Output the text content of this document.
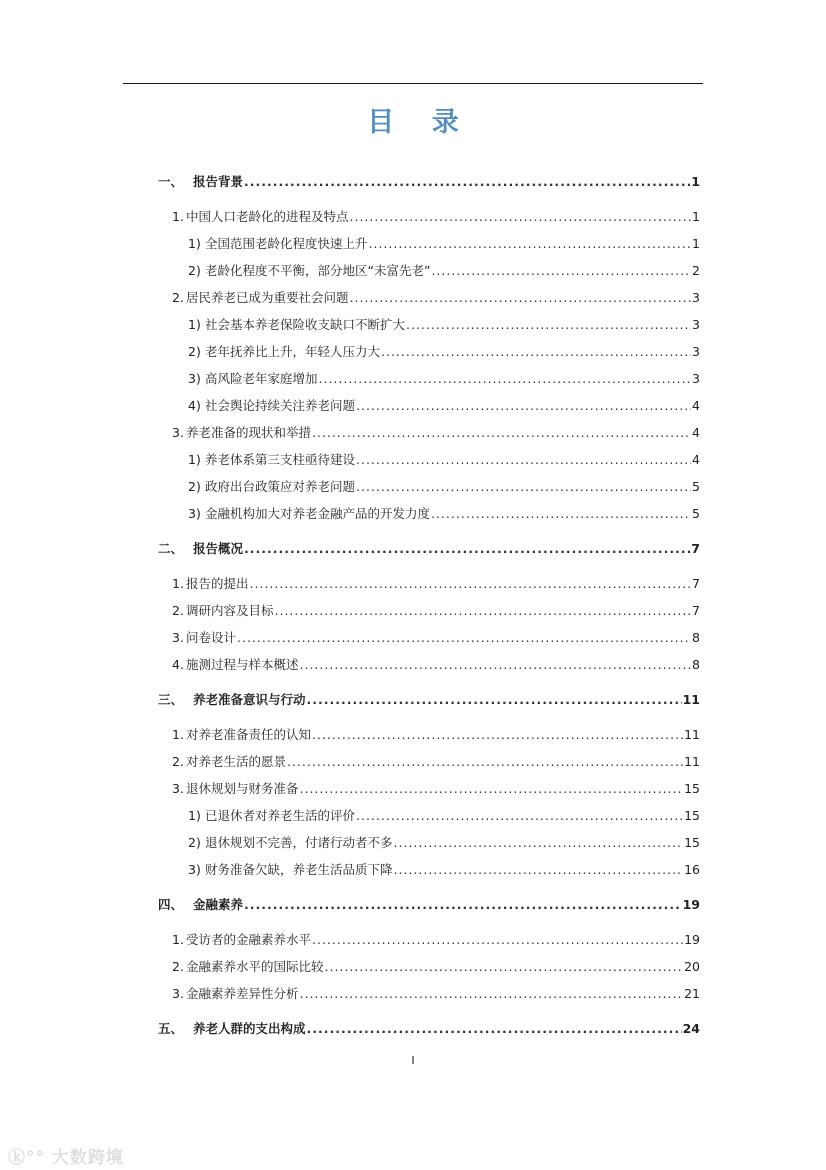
目 录
一、 报告背景 .....	1
1. 中国人口老龄化的进程及特点 .....	1
1) 全国范围老龄化程度快速上升 .....	1
2) 老龄化程度不平衡，部分地区“未富先老” .....	2
2. 居民养老已成为重要社会问题 .....	3
1) 社会基本养老保险收支缺口不断扩大 .....	3
2) 老年抚养比上升，年轻人压力大 .....	3
3) 高风险老年家庭增加 .....	3
4) 社会舆论持续关注养老问题 .....	4
3. 养老准备的现状和举措 .....	4
1) 养老体系第三支柱亟待建设 .....	4
2) 政府出台政策应对养老问题 .....	5
3) 金融机构加大对养老金融产品的开发力度 .....	5
二、 报告概况 .....	7
1. 报告的提出 .....	7
2. 调研内容及目标 .....	7
3. 问卷设计 .....	8
4. 施测过程与样本概述 .....	8
三、 养老准备意识与行动 .....	11
1. 对养老准备责任的认知 .....	11
2. 对养老生活的愿景 .....	11
3. 退休规划与财务准备 .....	15
1) 已退休者对养老生活的评价 .....	15
2) 退休规划不完善，付诸行动者不多 .....	15
3) 财务准备欠缺，养老生活品质下降 .....	16
四、 金融素养 .....	19
1. 受访者的金融素养水平 .....	19
2. 金融素养水平的国际比较 .....	20
3. 金融素养差异性分析 .....	21
五、 养老人群的支出构成 .....	24
I
ⓚ°° 大数跨境
